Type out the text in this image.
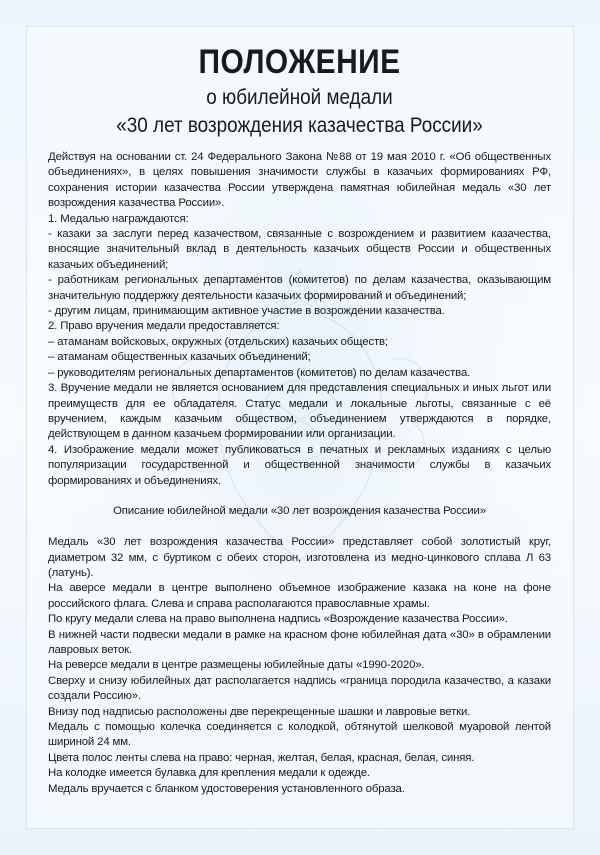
ПОЛОЖЕНИЕ

о юбилейной медали

«30 лет возрождения казачества России»

Действуя на основании ст. 24 Федерального Закона №88 от 19 мая 2010 г. «Об общественных объединениях», в целях повышения значимости службы в казачьих формированиях РФ, сохранения истории казачества России утверждена памятная юбилейная медаль «30 лет возрождения казачества России».

1. Медалью награждаются:

- казаки за заслуги перед казачеством, связанные с возрождением и развитием казачества, вносящие значительный вклад в деятельность казачьих обществ России и общественных казачьих объединений;

- работникам региональных департаментов (комитетов) по делам казачества, оказывающим значительную поддержку деятельности казачьих формирований и объединений;

- другим лицам, принимающим активное участие в возрождении казачества.

2. Право вручения медали предоставляется:

– атаманам войсковых, окружных (отдельских) казачьих обществ;

– атаманам общественных казачьих объединений;

– руководителям региональных департаментов (комитетов) по делам казачества.

3. Вручение медали не является основанием для представления специальных и иных льгот или преимуществ для ее обладателя. Статус медали и локальные льготы, связанные с её вручением, каждым казачьим обществом, объединением утверждаются в порядке, действующем в данном казачьем формировании или организации.

4. Изображение медали может публиковаться в печатных и рекламных изданиях с целью популяризации государственной и общественной значимости службы в казачьих формированиях и объединениях.

Описание юбилейной медали «30 лет возрождения казачества России»

Медаль «30 лет возрождения казачества России» представляет собой золотистый круг, диаметром 32 мм, с буртиком с обеих сторон, изготовлена из медно-цинкового сплава Л 63 (латунь).

На аверсе медали в центре выполнено объемное изображение казака на коне на фоне российского флага. Слева и справа располагаются православные храмы.

По кругу медали слева на право выполнена надпись «Возрождение казачества России».

В нижней части подвески медали в рамке на красном фоне юбилейная дата «30» в обрамлении лавровых веток.

На реверсе медали в центре размещены юбилейные даты «1990-2020».

Сверху и снизу юбилейных дат располагается надпись «граница породила казачество, а казаки создали Россию».

Внизу под надписью расположены две перекрещенные шашки и лавровые ветки.

Медаль с помощью колечка соединяется с колодкой, обтянутой шелковой муаровой лентой шириной 24 мм.

Цвета полос ленты слева на право: черная, желтая, белая, красная, белая, синяя.

На колодке имеется булавка для крепления медали к одежде.

Медаль вручается с бланком удостоверения установленного образа.
